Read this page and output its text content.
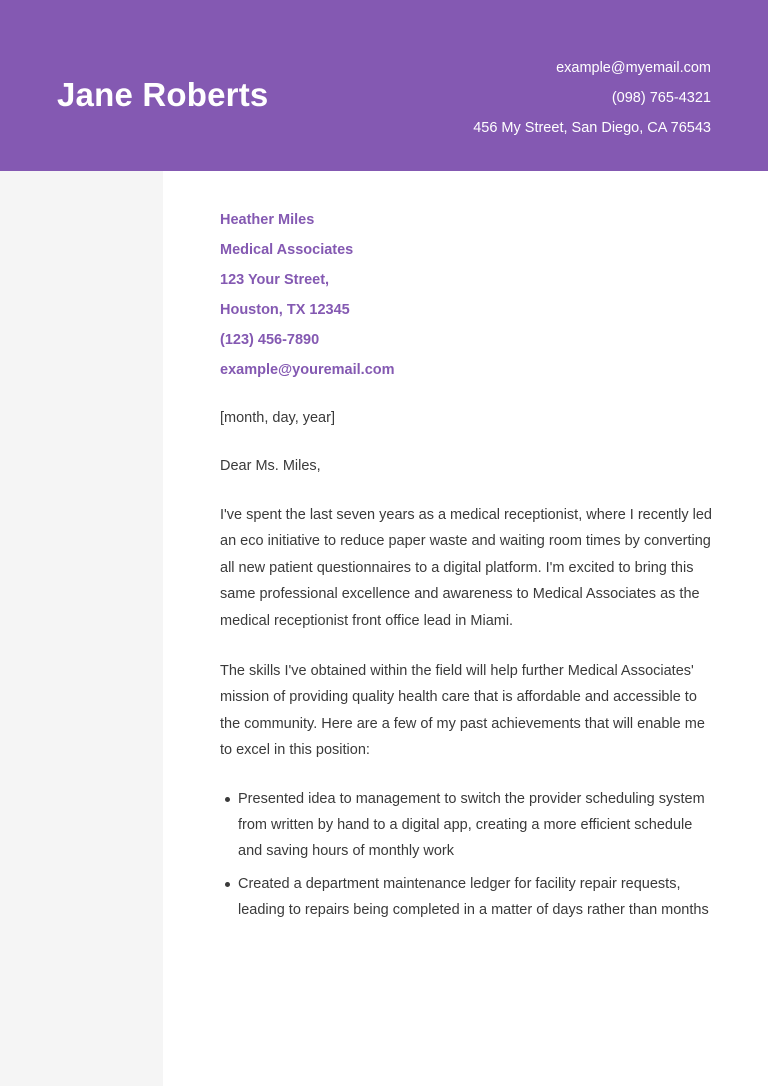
Jane Roberts
example@myemail.com
(098) 765-4321
456 My Street, San Diego, CA 76543
Heather Miles
Medical Associates
123 Your Street,
Houston, TX 12345
(123) 456-7890
example@youremail.com
[month, day, year]
Dear Ms. Miles,

I've spent the last seven years as a medical receptionist, where I recently led an eco initiative to reduce paper waste and waiting room times by converting all new patient questionnaires to a digital platform. I'm excited to bring this same professional excellence and awareness to Medical Associates as the medical receptionist front office lead in Miami.

The skills I've obtained within the field will help further Medical Associates' mission of providing quality health care that is affordable and accessible to the community. Here are a few of my past achievements that will enable me to excel in this position:

Presented idea to management to switch the provider scheduling system from written by hand to a digital app, creating a more efficient schedule and saving hours of monthly work
Created a department maintenance ledger for facility repair requests, leading to repairs being completed in a matter of days rather than months
